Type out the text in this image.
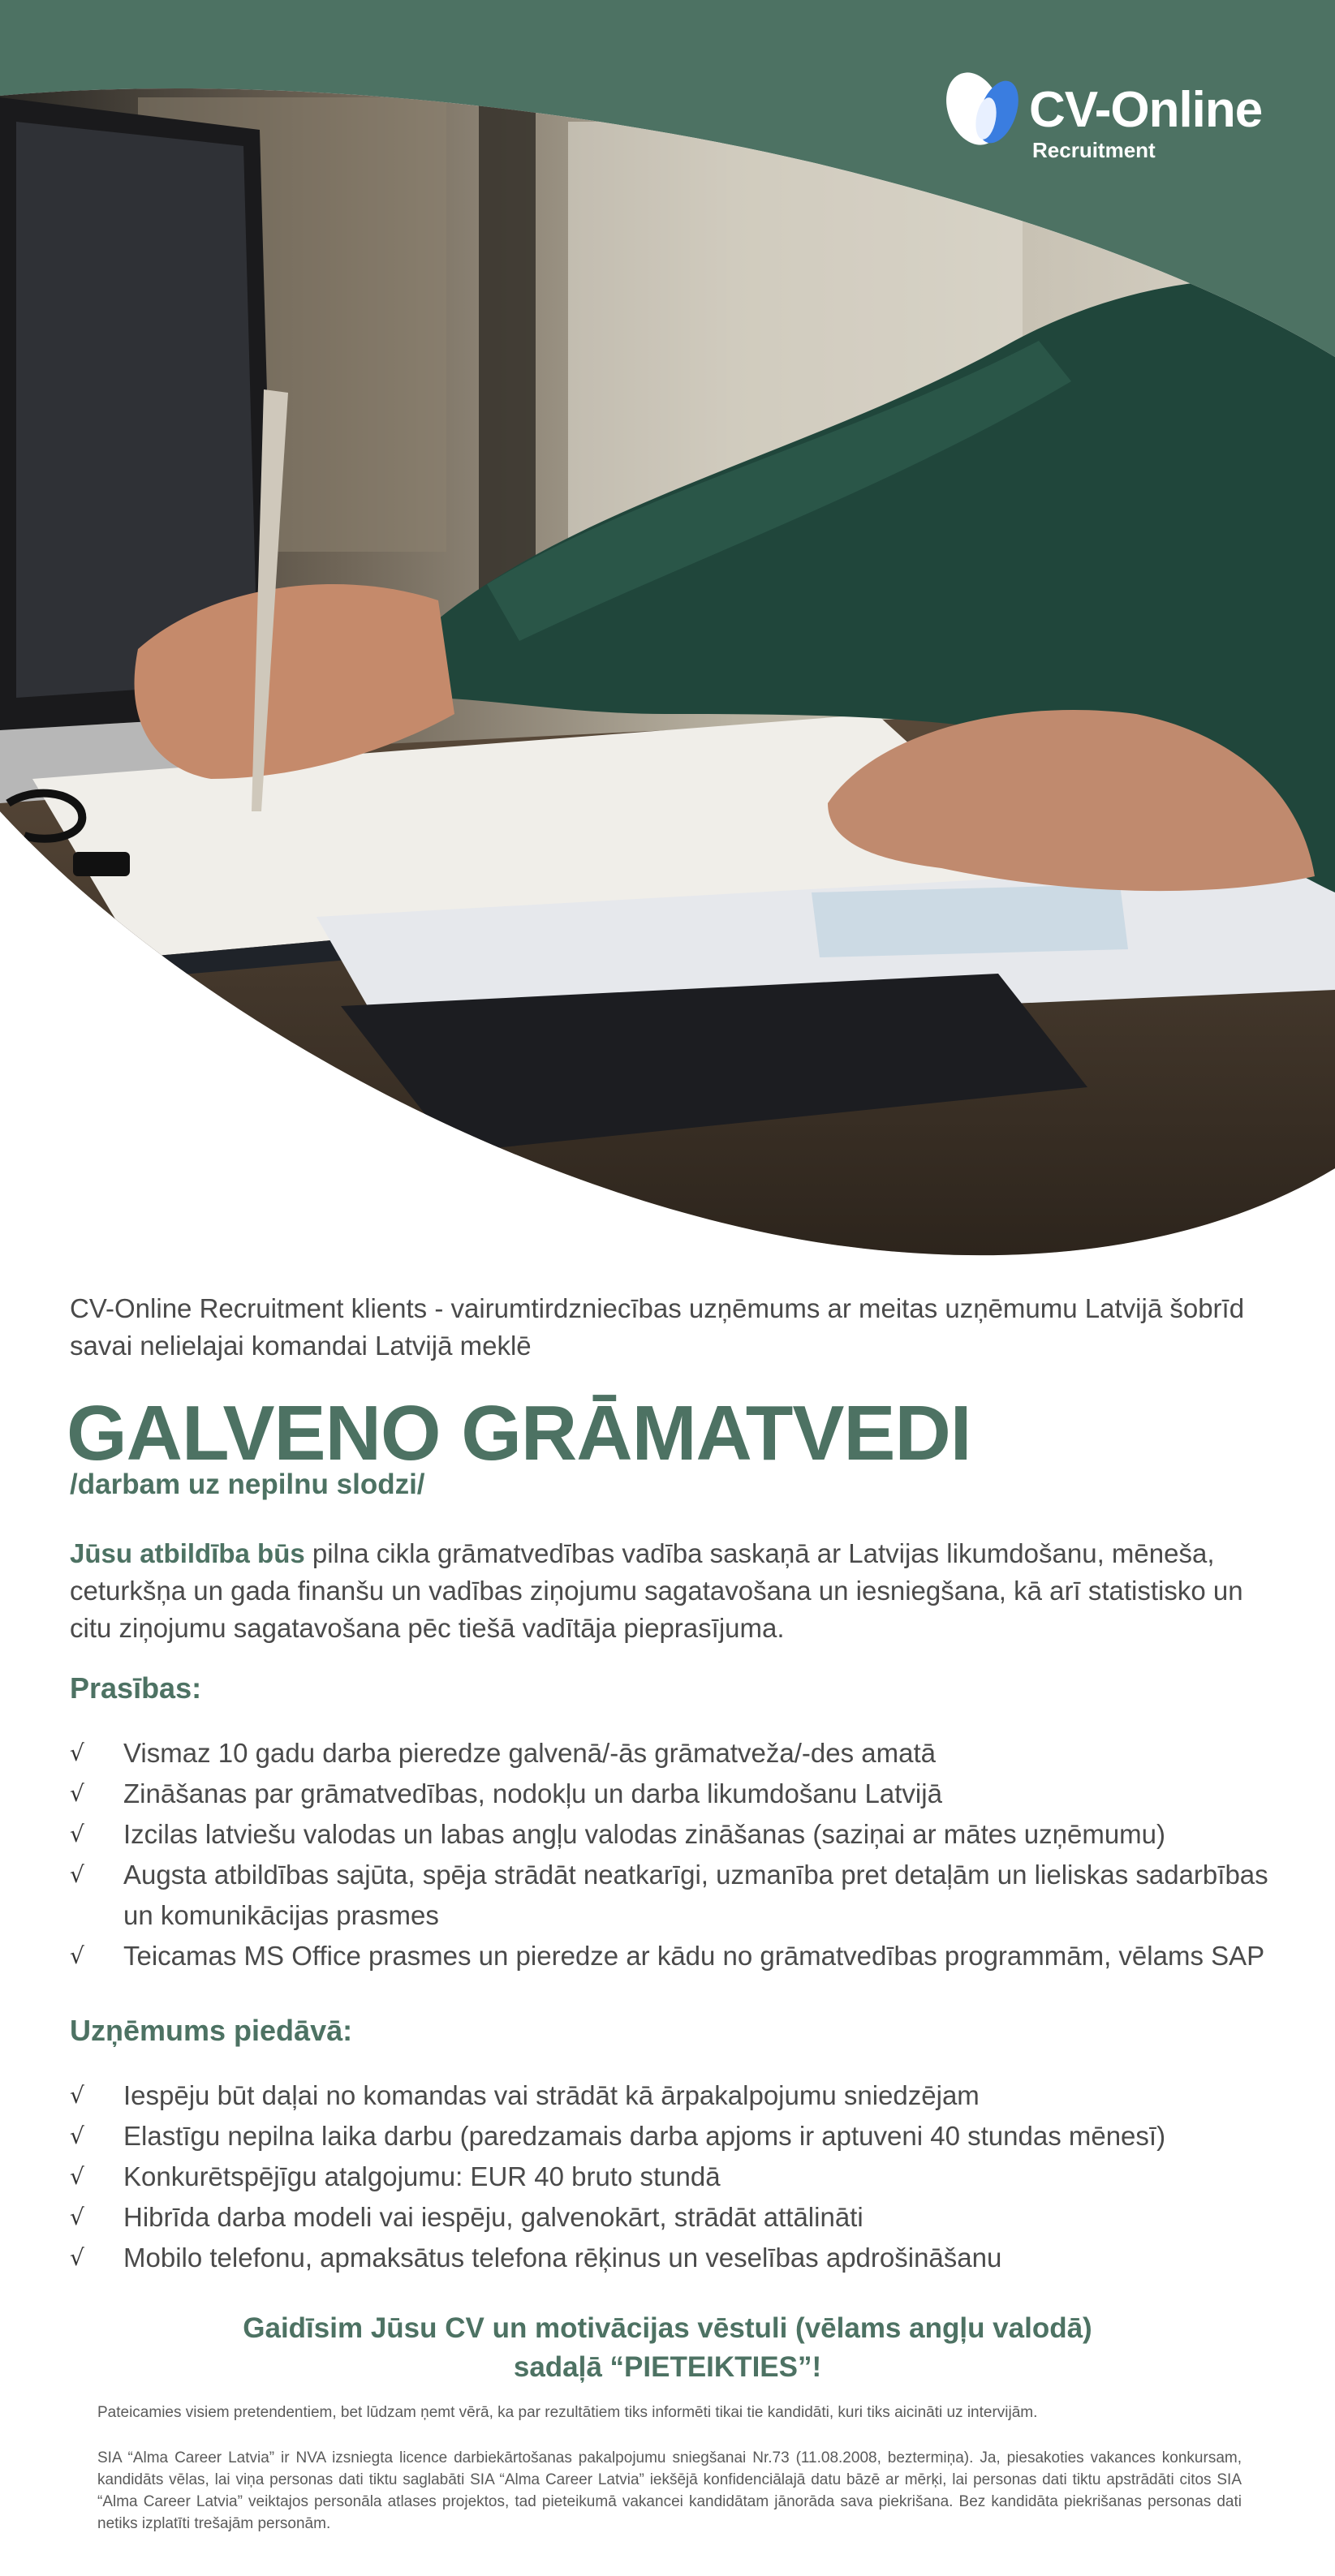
CV-Online
Recruitment
CV-Online Recruitment klients - vairumtirdzniecības uzņēmums ar meitas uzņēmumu Latvijā šobrīd savai nelielajai komandai Latvijā meklē
GALVENO GRĀMATVEDI
/darbam uz nepilnu slodzi/
Jūsu atbildība būs pilna cikla grāmatvedības vadība saskaņā ar Latvijas likumdošanu, mēneša, ceturkšņa un gada finanšu un vadības ziņojumu sagatavošana un iesniegšana, kā arī statistisko un citu ziņojumu sagatavošana pēc tiešā vadītāja pieprasījuma.
Prasības:
√	Vismaz 10 gadu darba pieredze galvenā/-ās grāmatveža/-des amatā
√	Zināšanas par grāmatvedības, nodokļu un darba likumdošanu Latvijā
√	Izcilas latviešu valodas un labas angļu valodas zināšanas (saziņai ar mātes uzņēmumu)
√	Augsta atbildības sajūta, spēja strādāt neatkarīgi, uzmanība pret detaļām un lieliskas sadarbības un komunikācijas prasmes
√	Teicamas MS Office prasmes un pieredze ar kādu no grāmatvedības programmām, vēlams SAP
Uzņēmums piedāvā:
√	Iespēju būt daļai no komandas vai strādāt kā ārpakalpojumu sniedzējam
√	Elastīgu nepilna laika darbu (paredzamais darba apjoms ir aptuveni 40 stundas mēnesī)
√	Konkurētspējīgu atalgojumu: EUR 40 bruto stundā
√	Hibrīda darba modeli vai iespēju, galvenokārt, strādāt attālināti
√	Mobilo telefonu, apmaksātus telefona rēķinus un veselības apdrošināšanu
Gaidīsim Jūsu CV un motivācijas vēstuli (vēlams angļu valodā)
sadaļā “PIETEIKTIES”!
Pateicamies visiem pretendentiem, bet lūdzam ņemt vērā, ka par rezultātiem tiks informēti tikai tie kandidāti, kuri tiks aicināti uz intervijām.
SIA “Alma Career Latvia” ir NVA izsniegta licence darbiekārtošanas pakalpojumu sniegšanai Nr.73 (11.08.2008, beztermiņa). Ja, piesakoties vakances konkursam, kandidāts vēlas, lai viņa personas dati tiktu saglabāti SIA “Alma Career Latvia” iekšējā konfidenciālajā datu bāzē ar mērķi, lai personas dati tiktu apstrādāti citos SIA “Alma Career Latvia” veiktajos personāla atlases projektos, tad pieteikumā vakancei kandidātam jānorāda sava piekrišana. Bez kandidāta piekrišanas personas dati netiks izplatīti trešajām personām.
